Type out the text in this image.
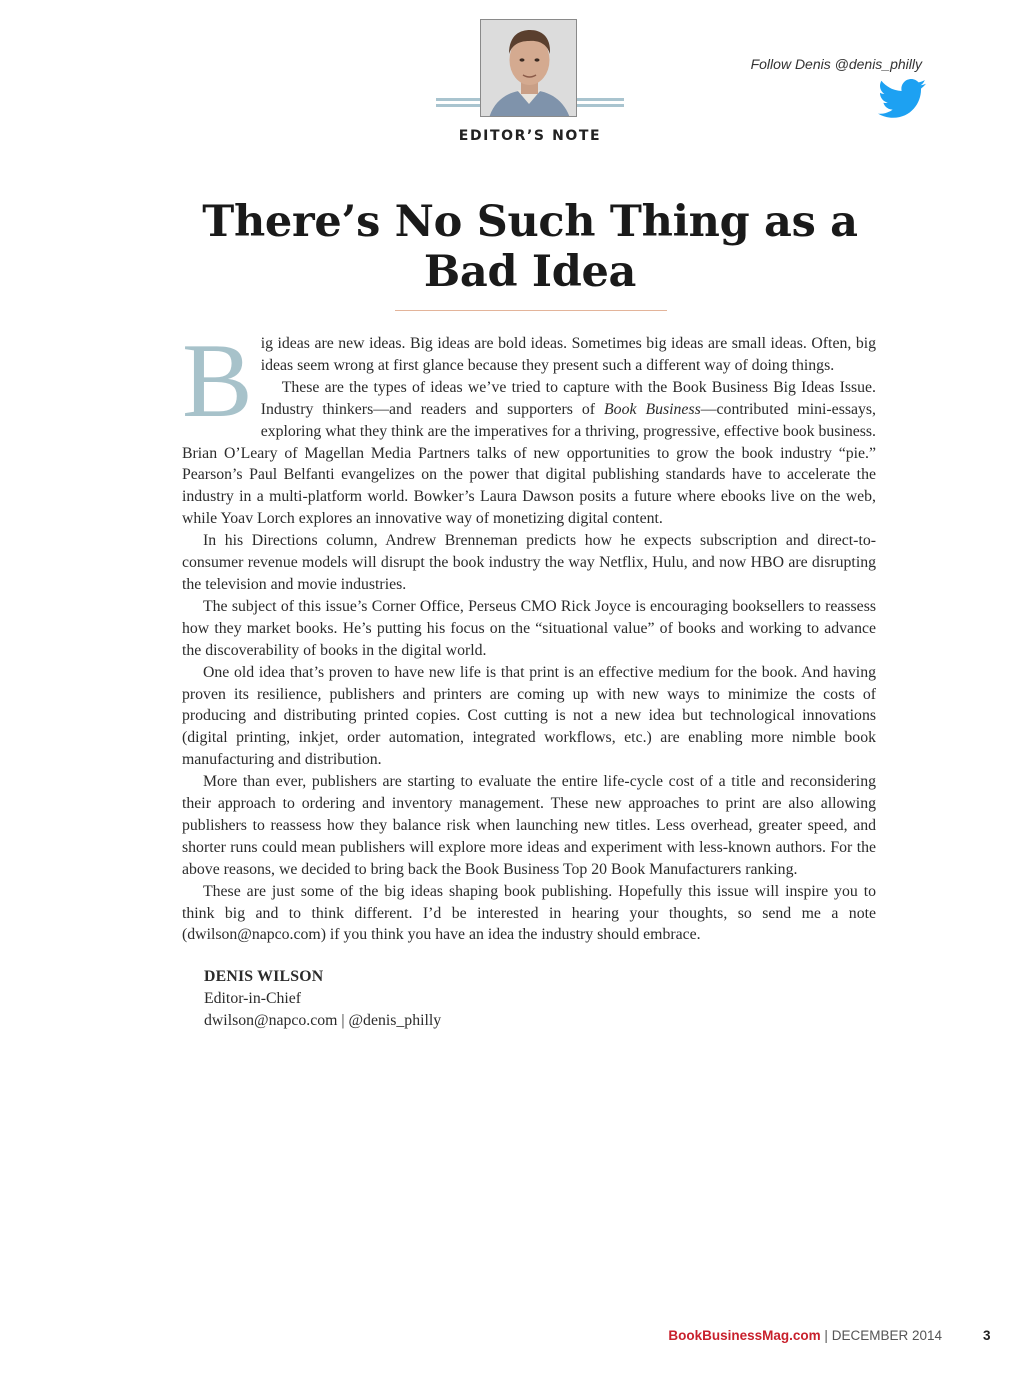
EDITOR’S NOTE
Follow Denis @denis_philly
There’s No Such Thing as a
Bad Idea

Big ideas are new ideas. Big ideas are bold ideas. Sometimes big ideas are small ideas. Often, big ideas seem wrong at first glance because they present such a different way of doing things.

These are the types of ideas we’ve tried to capture with the Book Business Big Ideas Issue. Industry thinkers—and readers and supporters of Book Business—contributed mini-essays, exploring what they think are the imperatives for a thriving, progressive, effective book business. Brian O’Leary of Magellan Media Partners talks of new opportunities to grow the book industry “pie.” Pearson’s Paul Belfanti evangelizes on the power that digital publishing standards have to accelerate the industry in a multi-platform world. Bowker’s Laura Dawson posits a future where ebooks live on the web, while Yoav Lorch explores an innovative way of monetizing digital content.

In his Directions column, Andrew Brenneman predicts how he expects subscription and direct-to-consumer revenue models will disrupt the book industry the way Netflix, Hulu, and now HBO are disrupting the television and movie industries.

The subject of this issue’s Corner Office, Perseus CMO Rick Joyce is encouraging booksellers to reassess how they market books. He’s putting his focus on the “situational value” of books and working to advance the discoverability of books in the digital world.

One old idea that’s proven to have new life is that print is an effective medium for the book. And having proven its resilience, publishers and printers are coming up with new ways to minimize the costs of producing and distributing printed copies. Cost cutting is not a new idea but technological innovations (digital printing, inkjet, order automation, integrated workflows, etc.) are enabling more nimble book manufacturing and distribution.

More than ever, publishers are starting to evaluate the entire life-cycle cost of a title and reconsidering their approach to ordering and inventory management. These new approaches to print are also allowing publishers to reassess how they balance risk when launching new titles. Less overhead, greater speed, and shorter runs could mean publishers will explore more ideas and experiment with less-known authors. For the above reasons, we decided to bring back the Book Business Top 20 Book Manufacturers ranking.

These are just some of the big ideas shaping book publishing. Hopefully this issue will inspire you to think big and to think different. I’d be interested in hearing your thoughts, so send me a note (dwilson@napco.com) if you think you have an idea the industry should embrace.

DENIS WILSON
Editor-in-Chief
dwilson@napco.com | @denis_philly
BookBusinessMag.com | DECEMBER 2014	3
